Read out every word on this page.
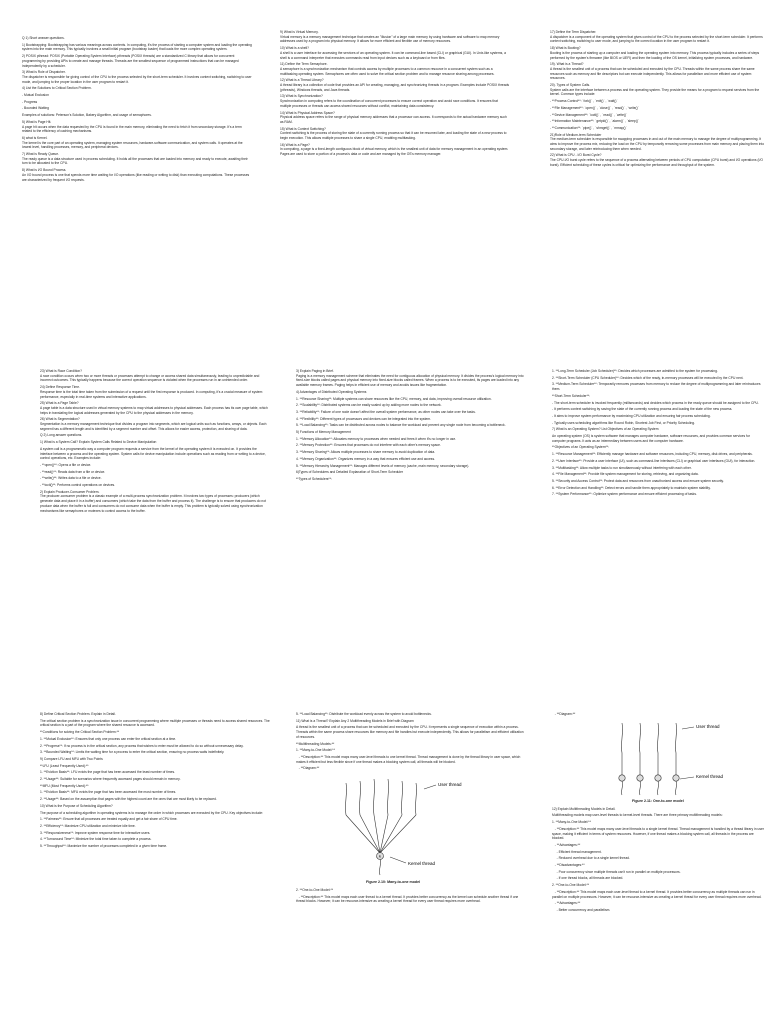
Q 1) Short answer questions.

1) Bootstrapping: Bootstrapping has various meanings across contexts. In computing, it's the process of starting a computer system and loading the operating system into the main memory. This typically involves a small initial program (bootstrap loader) that loads the more complex operating system.

2) POSIX pthread: POSIX (Portable Operating System Interface) pthreads (POSIX threads) are a standardized C library that allows for concurrent programming by providing APIs to create and manage threads. Threads are the smallest sequence of programmed instructions that can be managed independently by a scheduler.

3) What is Role of Dispatcher.
The dispatcher is responsible for giving control of the CPU to the process selected by the short-term scheduler. It involves context switching, switching to user mode, and jumping to the proper location in the user program to restart it.

4) List the Solutions to Critical Section Problem.

- Mutual Exclusion

- Progress

- Bounded Waiting

Examples of solutions: Peterson's Solution, Bakery Algorithm, and usage of semaphores.

5) What is Page Hit.
A page hit occurs when the data requested by the CPU is found in the main memory, eliminating the need to fetch it from secondary storage. It's a term related to the efficiency of caching mechanisms.

6) what is Kernel.
The kernel is the core part of an operating system, managing system resources, hardware-software communication, and system calls. It operates at the lowest level, handling processes, memory, and peripheral devices.

7) What is Ready Queue.
The ready queue is a data structure used in process scheduling. It holds all the processes that are loaded into memory and ready to execute, awaiting their turn to be allocated to the CPU.

8) What is I/O Bound Process.
An I/O bound process is one that spends more time waiting for I/O operations (like reading or writing to disk) than executing computations. These processes are characterized by frequent I/O requests.

9) What is Virtual Memory.
Virtual memory is a memory management technique that creates an "illusion" of a large main memory by using hardware and software to map memory addresses used by a program into physical memory. It allows for more efficient and flexible use of memory resources.

10) What is a shell?
A shell is a user interface for accessing the services of an operating system. It can be command-line based (CLI) or graphical (GUI). In Unix-like systems, a shell is a command interpreter that executes commands read from input devices such as a keyboard or from files.

11) Define the Term Semaphore.
A semaphore is a synchronization mechanism that controls access by multiple processes to a common resource in a concurrent system such as a multitasking operating system. Semaphores are often used to solve the critical section problem and to manage resource sharing among processes.

12) What is a Thread Library?
A thread library is a collection of code that provides an API for creating, managing, and synchronizing threads in a program. Examples include POSIX threads (pthreads), Windows threads, and Java threads.

13) What is Synchronization?
Synchronization in computing refers to the coordination of concurrent processes to ensure correct operation and avoid race conditions. It ensures that multiple processes or threads can access shared resources without conflict, maintaining data consistency.

14) What is Physical Address Space?
Physical address space refers to the range of physical memory addresses that a processor can access. It corresponds to the actual hardware memory such as RAM.

15) What is Context Switching?
Context switching is the process of storing the state of a currently running process so that it can be resumed later, and loading the state of a new process to begin execution. This allows multiple processes to share a single CPU, enabling multitasking.

16) What is a Page?
In computing, a page is a fixed-length contiguous block of virtual memory, which is the smallest unit of data for memory management in an operating system. Pages are used to store a portion of a process's data or code and are managed by the OS's memory manager.

17) Define the Term Dispatcher.
A dispatcher is a component of the operating system that gives control of the CPU to the process selected by the short-term scheduler. It performs context switching, switching to user mode, and jumping to the correct location in the user program to restart it.

18) What is Booting?
Booting is the process of starting up a computer and loading the operating system into memory. This process typically includes a series of steps performed by the system's firmware (like BIOS or UEFI) and then the loading of the OS kernel, initializing system processes, and hardware.

19). What is a Thread?
A thread is the smallest unit of a process that can be scheduled and executed by the CPU. Threads within the same process share the same resources such as memory and file descriptors but can execute independently. This allows for parallelism and more efficient use of system resources.

20). Types of System Calls.
System calls are the interface between a process and the operating system. They provide the means for a program to request services from the kernel. Common types include:

- **Process Control**: `fork()` , `exit()` , `wait()`

- **File Management**: `open()` , `close()` , `read()` , `write()`

- **Device Management**: `ioctl()` , `read()` , `write()`

- **Information Maintenance**: `getpid()` , `alarm()` , `sleep()`

- **Communication**: `pipe()` , `shmget()` , `mmap()`

21)Role of Medium-term Scheduler
The medium-term scheduler is responsible for swapping processes in and out of the main memory to manage the degree of multiprogramming. It aims to improve the process mix, reducing the load on the CPU by temporarily removing some processes from main memory and placing them into secondary storage, and later reintroducing them when needed.

22) What is CPU - I/O Burst Cycle?
The CPU-I/O burst cycle refers to the sequence of a process alternating between periods of CPU computation (CPU burst) and I/O operations (I/O burst). Efficient scheduling of these cycles is critical for optimizing the performance and throughput of the system.

23) What is Race Condition?
A race condition occurs when two or more threads or processes attempt to change or access shared data simultaneously, leading to unpredictable and incorrect outcomes. This typically happens because the correct operation sequence is violated when the processes run in an unintended order.

24) Define Response Time.
Response time is the total time taken from the submission of a request until the first response is produced. In computing, it's a crucial measure of system performance, especially in real-time systems and interactive applications.

25) What is a Page Table?
A page table is a data structure used in virtual memory systems to map virtual addresses to physical addresses. Each process has its own page table, which helps in translating the logical addresses generated by the CPU to the physical addresses in the memory.

26) What is Segmentation?
Segmentation is a memory management technique that divides a program into segments, which are logical units such as functions, arrays, or objects. Each segment has a different length and is identified by a segment number and offset. This allows for easier access, protection, and sharing of data.

Q 2) Long answer questions.

1) What is a System Call? Explain System Calls Related to Device Manipulation

A system call is a programmatic way a computer program requests a service from the kernel of the operating system it is executed on. It provides the interface between a process and the operating system. System calls for device manipulation include operations such as reading from or writing to a device, control operations, etc. Examples include:

- **open()**: Opens a file or device.

- **read()**: Reads data from a file or device.

- **write()**: Writes data to a file or device.

- **ioctl()**: Performs control operations on devices.

2) Explain Producer-Consumer Problem.
The producer-consumer problem is a classic example of a multi-process synchronization problem. It involves two types of processes: producers (which generate data and place it in a buffer) and consumers (which take the data from the buffer and process it). The challenge is to ensure that producers do not produce data when the buffer is full and consumers do not consume data when the buffer is empty. This problem is typically solved using synchronization mechanisms like semaphores or mutexes to control access to the buffer.

3) Explain Paging in Brief.
Paging is a memory management scheme that eliminates the need for contiguous allocation of physical memory. It divides the process's logical memory into fixed-size blocks called pages and physical memory into fixed-size blocks called frames. When a process is to be executed, its pages are loaded into any available memory frames. Paging helps in efficient use of memory and avoids issues like fragmentation.

4) Advantages of Distributed Operating Systems

1. **Resource Sharing**: Multiple systems can share resources like the CPU, memory, and data, improving overall resource utilization.

2. **Scalability**: Distributed systems can be easily scaled up by adding more nodes to the network.

3. **Reliability**: Failure of one node doesn't affect the overall system performance, as other nodes can take over the tasks.

4. **Flexibility**: Different types of processors and devices can be integrated into the system.

5. **Load Balancing**: Tasks can be distributed across nodes to balance the workload and prevent any single node from becoming a bottleneck.

5) Functions of Memory Management

1. **Memory Allocation**: Allocates memory to processes when needed and frees it when it's no longer in use.

2. **Memory Protection**: Ensures that processes do not interfere with each other's memory space.

3. **Memory Sharing**: Allows multiple processes to share memory to avoid duplication of data.

4. **Memory Organization**: Organizes memory in a way that ensures efficient use and access.

5. **Memory Hierarchy Management**: Manages different levels of memory (cache, main memory, secondary storage).

6)Types of Schedulers and Detailed Explanation of Short-Term Scheduler

**Types of Schedulers**:

1. **Long-Term Scheduler (Job Scheduler)**: Decides which processes are admitted to the system for processing.

2. **Short-Term Scheduler (CPU Scheduler)**: Decides which of the ready, in-memory processes will be executed by the CPU next.

3. **Medium-Term Scheduler**: Temporarily removes processes from memory to reduce the degree of multiprogramming and later reintroduces them.

**Short-Term Scheduler**:

- The short-term scheduler is invoked frequently (milliseconds) and decides which process in the ready queue should be assigned to the CPU.

- It performs context switching by saving the state of the currently running process and loading the state of the new process.

- It aims to improve system performance by maximizing CPU utilization and ensuring fair process scheduling.

- Typically uses scheduling algorithms like Round Robin, Shortest Job First, or Priority Scheduling.

7) What is an Operating System? List Objectives of an Operating System

An operating system (OS) is system software that manages computer hardware, software resources, and provides common services for computer programs. It acts as an intermediary between users and the computer hardware.

**Objectives of an Operating System**:

1. **Resource Management**: Efficiently manage hardware and software resources, including CPU, memory, disk drives, and peripherals.

2. **User Interface**: Provide a user interface (UI), such as command-line interfaces (CLI) or graphical user interfaces (GUI), for interaction.

3. **Multitasking**: Allow multiple tasks to run simultaneously without interfering with each other.

4. **File Management**: Provide file system management for storing, retrieving, and organizing data.

5. **Security and Access Control**: Protect data and resources from unauthorized access and ensure system security.

6. **Error Detection and Handling**: Detect errors and handle them appropriately to maintain system stability.

7. **System Performance**: Optimize system performance and ensure efficient processing of tasks.

8) Define Critical Section Problem. Explain in Detail.

The critical section problem is a synchronization issue in concurrent programming where multiple processes or threads need to access shared resources. The critical section is a part of the program where the shared resource is accessed.

**Conditions for solving the Critical Section Problem:**

1. **Mutual Exclusion**: Ensures that only one process can enter the critical section at a time.

2. **Progress**: If no process is in the critical section, any process that wishes to enter must be allowed to do so without unnecessary delay.

3. **Bounded Waiting**: Limits the waiting time for a process to enter the critical section, ensuring no process waits indefinitely.

9) Compare LFU and MFU with Two Points

**LFU (Least Frequently Used):**

1. **Eviction Basis**: LFU evicts the page that has been accessed the least number of times.

2. **Usage**: Suitable for scenarios where frequently accessed pages should remain in memory.

**MFU (Most Frequently Used):**

1. **Eviction Basis**: MFU evicts the page that has been accessed the most number of times.

2. **Usage**: Based on the assumption that pages with the highest count are the ones that are most likely to be replaced.

10) What is the Purpose of Scheduling Algorithm?

The purpose of a scheduling algorithm in operating systems is to manage the order in which processes are executed by the CPU. Key objectives include:

1. **Fairness**: Ensure that all processes are treated equally and get a fair share of CPU time.

2. **Efficiency**: Maximize CPU utilization and minimize idle time.

3. **Responsiveness**: Improve system response time for interactive users.

4. **Turnaround Time**: Minimize the total time taken to complete a process.

5. **Throughput**: Maximize the number of processes completed in a given time frame.

5. **Load Balancing**: Distribute the workload evenly across the system to avoid bottlenecks.

11) What is a Thread? Explain Any 2 Multithreading Models in Brief with Diagram

A thread is the smallest unit of a process that can be scheduled and executed by the CPU. It represents a single sequence of execution within a process. Threads within the same process share resources like memory and file handles but execute independently. This allows for parallelism and efficient utilization of resources.

**Multithreading Models:**

1. **Many-to-One Model:**

- **Description:** This model maps many user-level threads to one kernel thread. Thread management is done by the thread library in user space, which makes it efficient but less flexible since if one thread makes a blocking system call, all threads will be blocked.

- **Diagram:**

k
User thread
Kernel thread
Figure 2.10: Many-to-one model

2. **One-to-One Model:**

- **Description:** This model maps each user thread to a kernel thread. It provides better concurrency as the kernel can schedule another thread if one thread blocks. However, it can be resource-intensive as creating a kernel thread for every user thread requires more overhead.

- **Diagram:**

User thread
Kernel thread
Figure 2.11: One-to-one model

12) Explain Multithreading Models in Detail.

Multithreading models map user-level threads to kernel-level threads. There are three primary multithreading models:

1. **Many-to-One Model:**

- **Description:** This model maps many user-level threads to a single kernel thread. Thread management is handled by a thread library in user space, making it efficient in terms of system resources. However, if one thread makes a blocking system call, all threads in the process are blocked.

- **Advantages:**

- Efficient thread management.

- Reduced overhead due to a single kernel thread.

- **Disadvantages:**

- Poor concurrency since multiple threads can't run in parallel on multiple processors.

- If one thread blocks, all threads are blocked.

2. **One-to-One Model:**

- **Description:** This model maps each user-level thread to a kernel thread. It provides better concurrency as multiple threads can run in parallel on multiple processors. However, it can be resource-intensive as creating a kernel thread for every user thread requires more overhead.

- **Advantages:**

- Better concurrency and parallelism.
